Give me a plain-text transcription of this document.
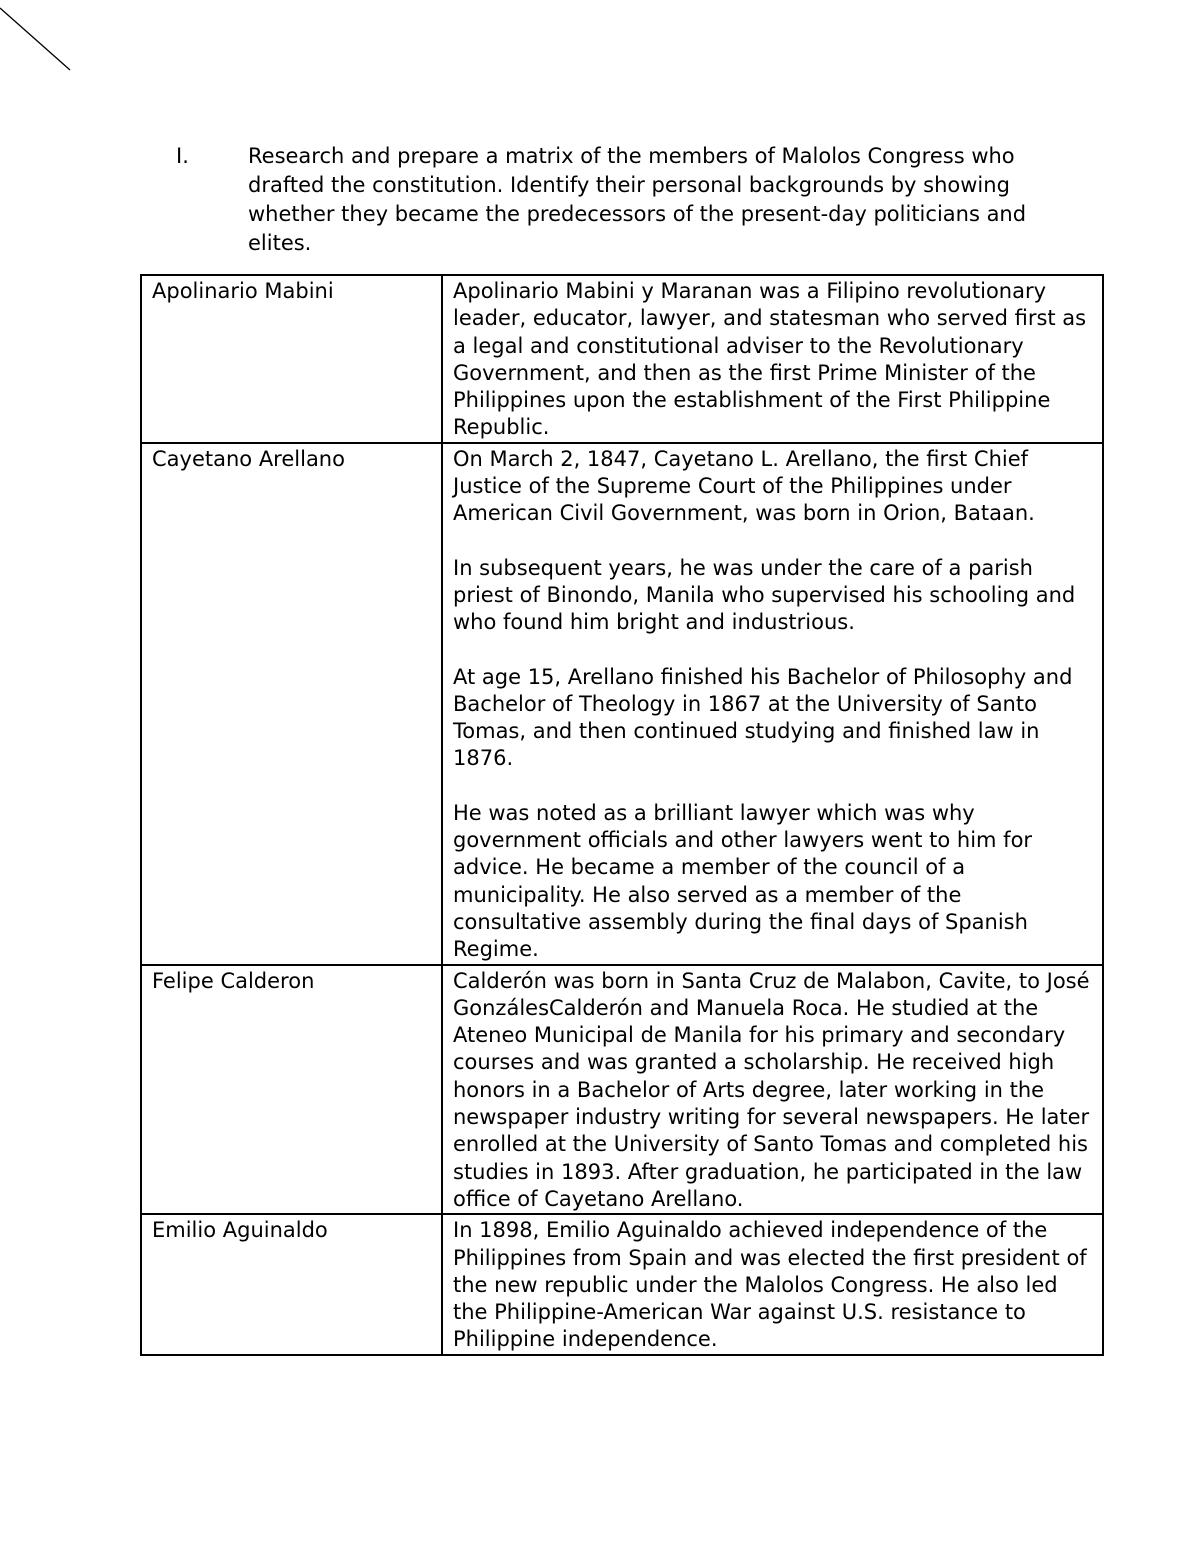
I.	Research and prepare a matrix of the members of Malolos Congress who drafted the constitution. Identify their personal backgrounds by showing whether they became the predecessors of the present-day politicians and elites.
Apolinario Mabini	Apolinario Mabini y Maranan was a Filipino revolutionary leader, educator, lawyer, and statesman who served first as a legal and constitutional adviser to the Revolutionary Government, and then as the first Prime Minister of the Philippines upon the establishment of the First Philippine Republic.

Cayetano Arellano	On March 2, 1847, Cayetano L. Arellano, the first Chief Justice of the Supreme Court of the Philippines under American Civil Government, was born in Orion, Bataan.

In subsequent years, he was under the care of a parish priest of Binondo, Manila who supervised his schooling and who found him bright and industrious.

At age 15, Arellano finished his Bachelor of Philosophy and Bachelor of Theology in 1867 at the University of Santo Tomas, and then continued studying and finished law in 1876.

He was noted as a brilliant lawyer which was why government officials and other lawyers went to him for advice. He became a member of the council of a municipality. He also served as a member of the consultative assembly during the final days of Spanish Regime.

Felipe Calderon	Calderón was born in Santa Cruz de Malabon, Cavite, to José GonzálesCalderón and Manuela Roca. He studied at the Ateneo Municipal de Manila for his primary and secondary courses and was granted a scholarship. He received high honors in a Bachelor of Arts degree, later working in the newspaper industry writing for several newspapers. He later enrolled at the University of Santo Tomas and completed his studies in 1893. After graduation, he participated in the law office of Cayetano Arellano.

Emilio Aguinaldo	In 1898, Emilio Aguinaldo achieved independence of the Philippines from Spain and was elected the first president of the new republic under the Malolos Congress. He also led the Philippine-American War against U.S. resistance to Philippine independence.
